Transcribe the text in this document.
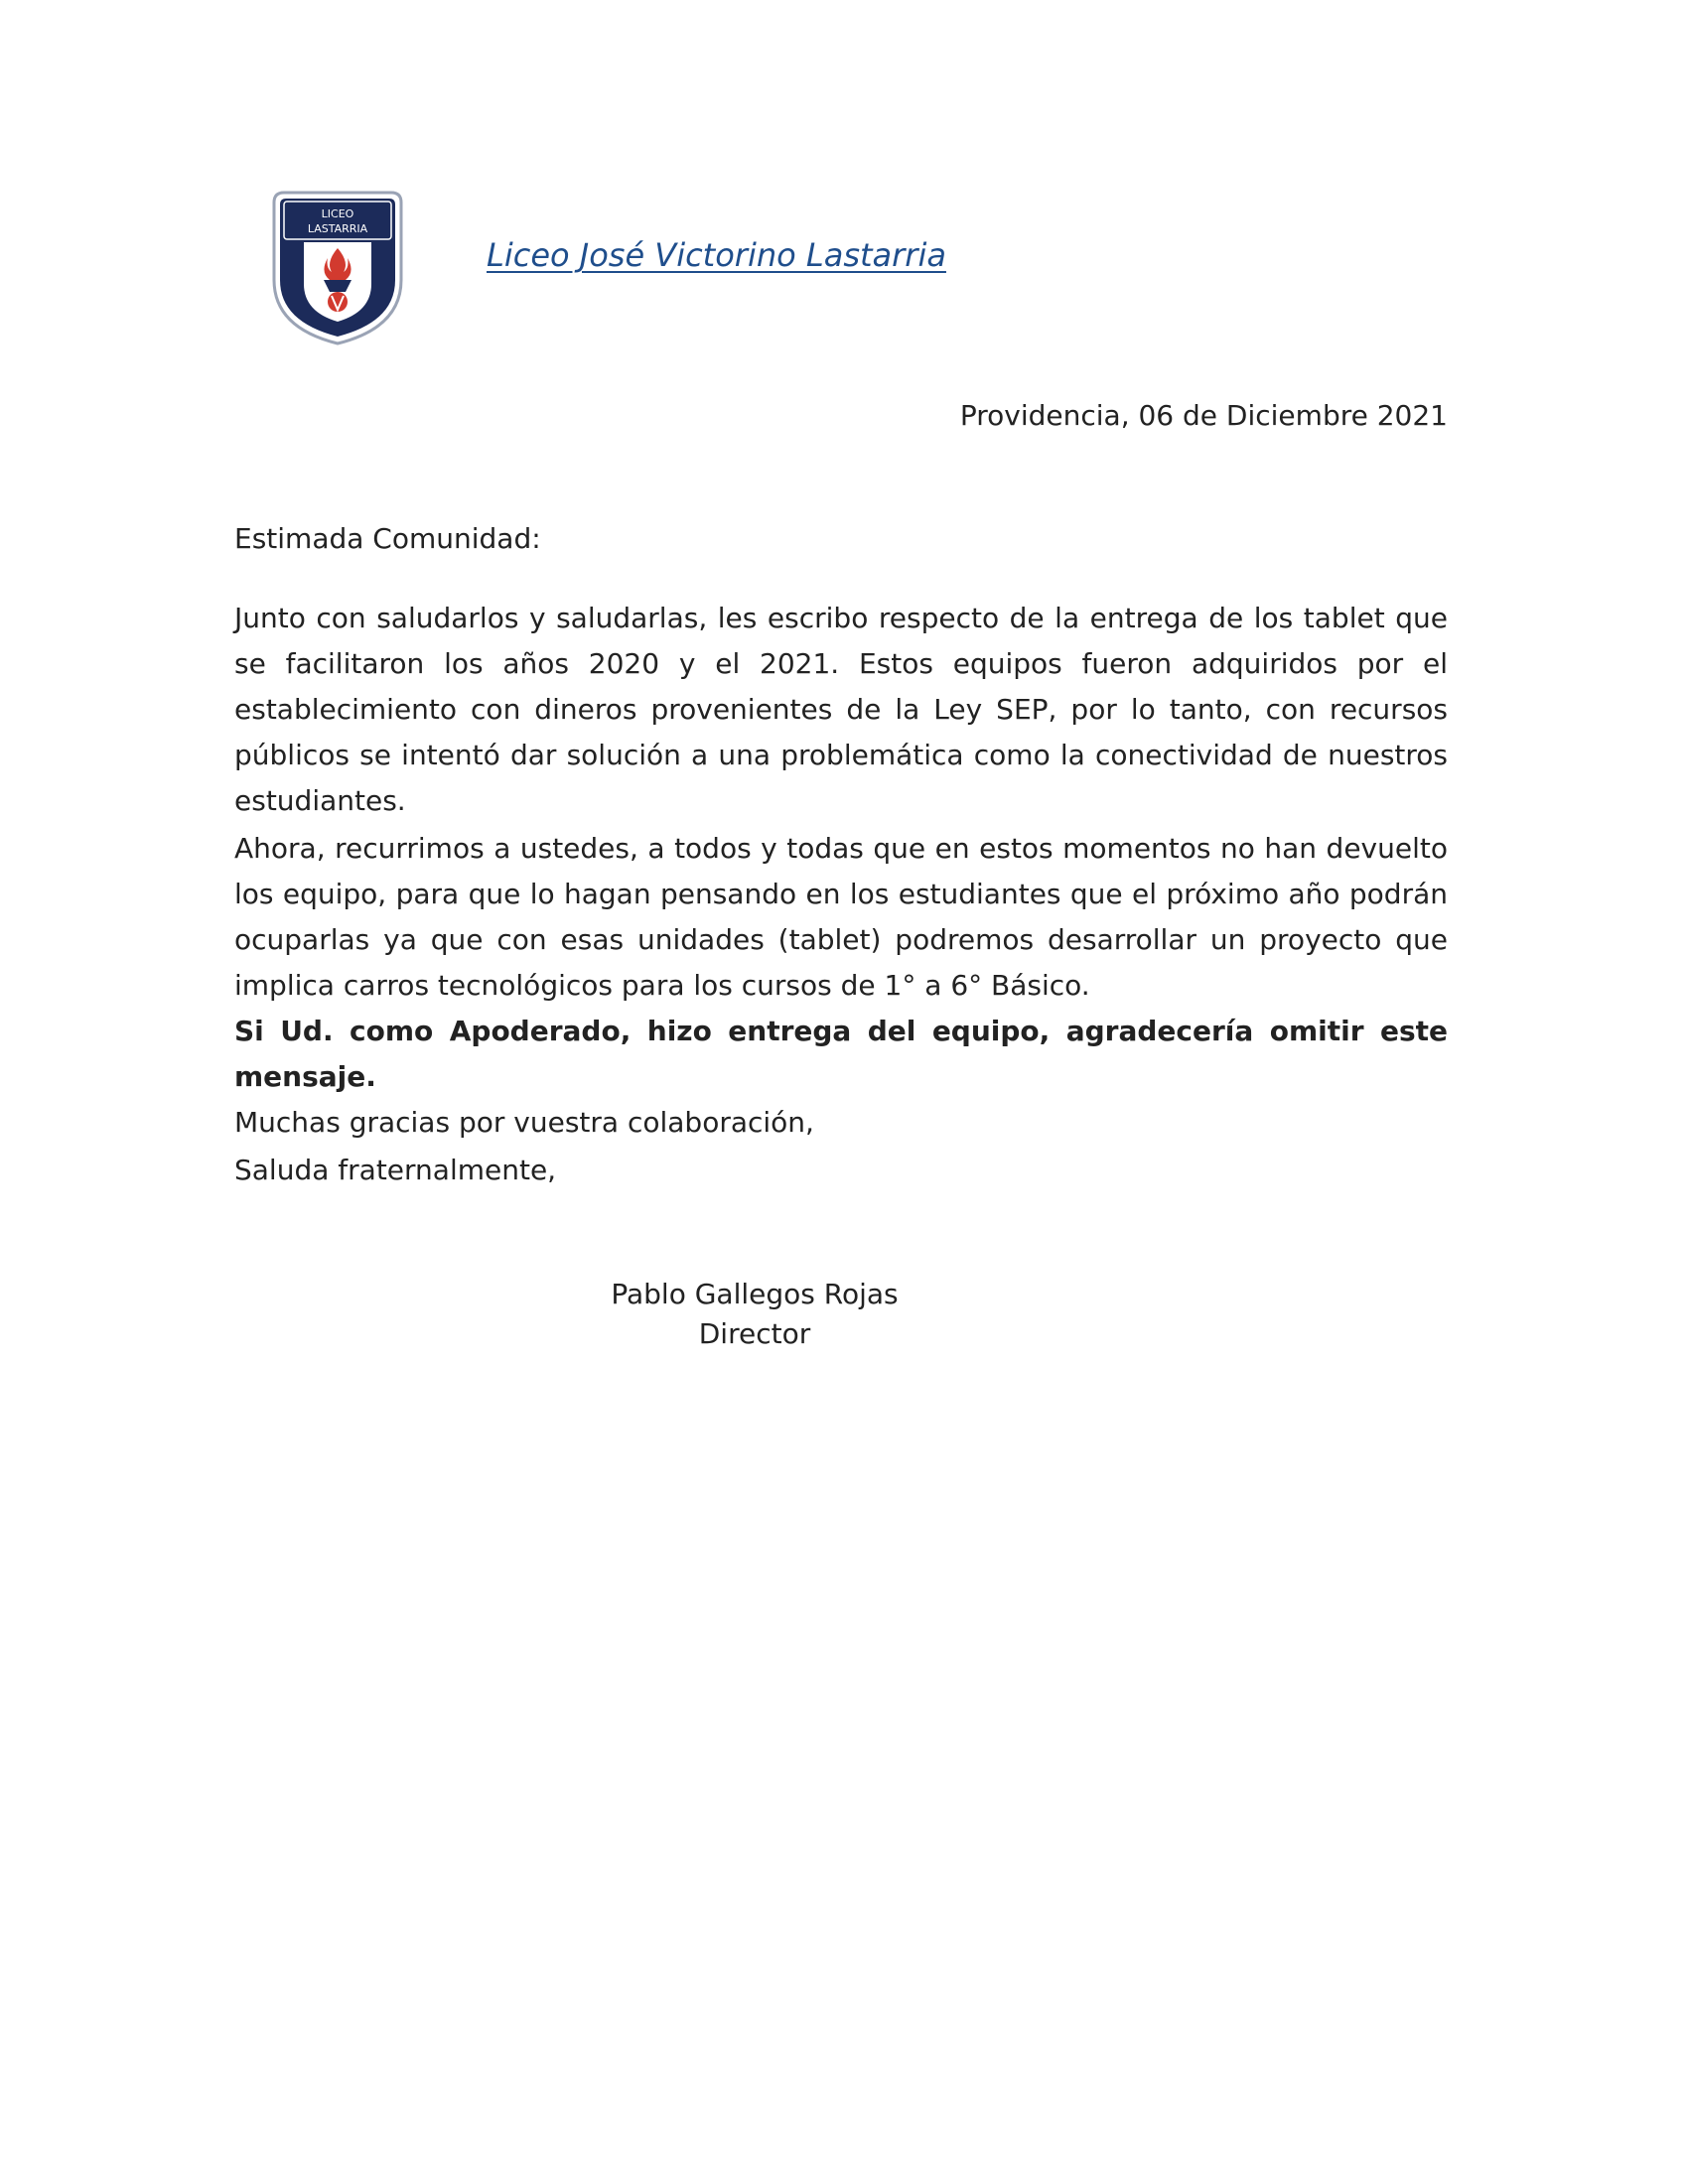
LICEO
LASTARRIA
Liceo José Victorino Lastarria
Providencia, 06 de Diciembre 2021
Estimada Comunidad:
Junto con saludarlos y saludarlas, les escribo respecto de la entrega de los tablet que se facilitaron los años 2020 y el 2021. Estos equipos fueron adquiridos por el establecimiento con dineros provenientes de la Ley SEP, por lo tanto, con recursos públicos se intentó dar solución a una problemática como la conectividad de nuestros estudiantes.
Ahora, recurrimos a ustedes, a todos y todas que en estos momentos no han devuelto los equipo, para que lo hagan pensando en los estudiantes que el próximo año podrán ocuparlas ya que con esas unidades (tablet) podremos desarrollar un proyecto que implica carros tecnológicos para los cursos de 1° a 6° Básico.
Si Ud. como Apoderado, hizo entrega del equipo, agradecería omitir este mensaje.
Muchas gracias por vuestra colaboración,
Saluda fraternalmente,
Pablo Gallegos Rojas
Director
